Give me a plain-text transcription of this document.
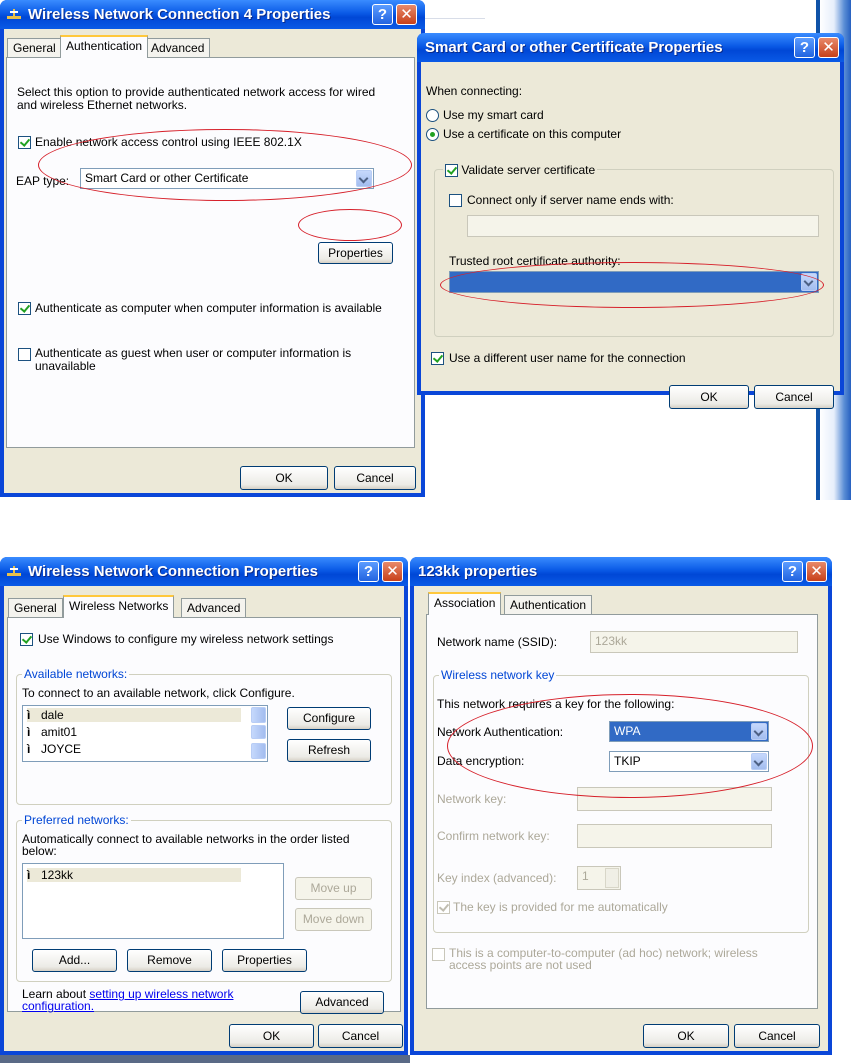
Wireless Network Connection 4 Properties	? ✕
General Authentication Advanced
Select this option to provide authenticated network access for wired and wireless Ethernet networks.
Enable network access control using IEEE 802.1X
EAP type:	Smart Card or other Certificate
Properties
Authenticate as computer when computer information is available
Authenticate as guest when user or computer information is unavailable
OK	Cancel
Smart Card or other Certificate Properties	? ✕
When connecting:
Use my smart card
Use a certificate on this computer
Validate server certificate
Connect only if server name ends with:
Trusted root certificate authority:
Use a different user name for the connection
OK	Cancel
Wireless Network Connection Properties	? ✕
General	Wireless Networks	Advanced
Use Windows to configure my wireless network settings
Available networks:
To connect to an available network, click Configure.
ì dale
ì amit01
ì JOYCE
Configure
Refresh
Preferred networks:
Automatically connect to available networks in the order listed below:
ì 123kk
Move up
Move down
Add...	Remove	Properties
Learn about setting up wireless network configuration.	Advanced
OK	Cancel
123kk properties	? ✕
Association	Authentication
Network name (SSID):	123kk
Wireless network key
This network requires a key for the following:
Network Authentication:	WPA
Data encryption:	TKIP
Network key:
Confirm network key:
Key index (advanced):	1
The key is provided for me automatically
This is a computer-to-computer (ad hoc) network; wireless access points are not used
OK	Cancel
